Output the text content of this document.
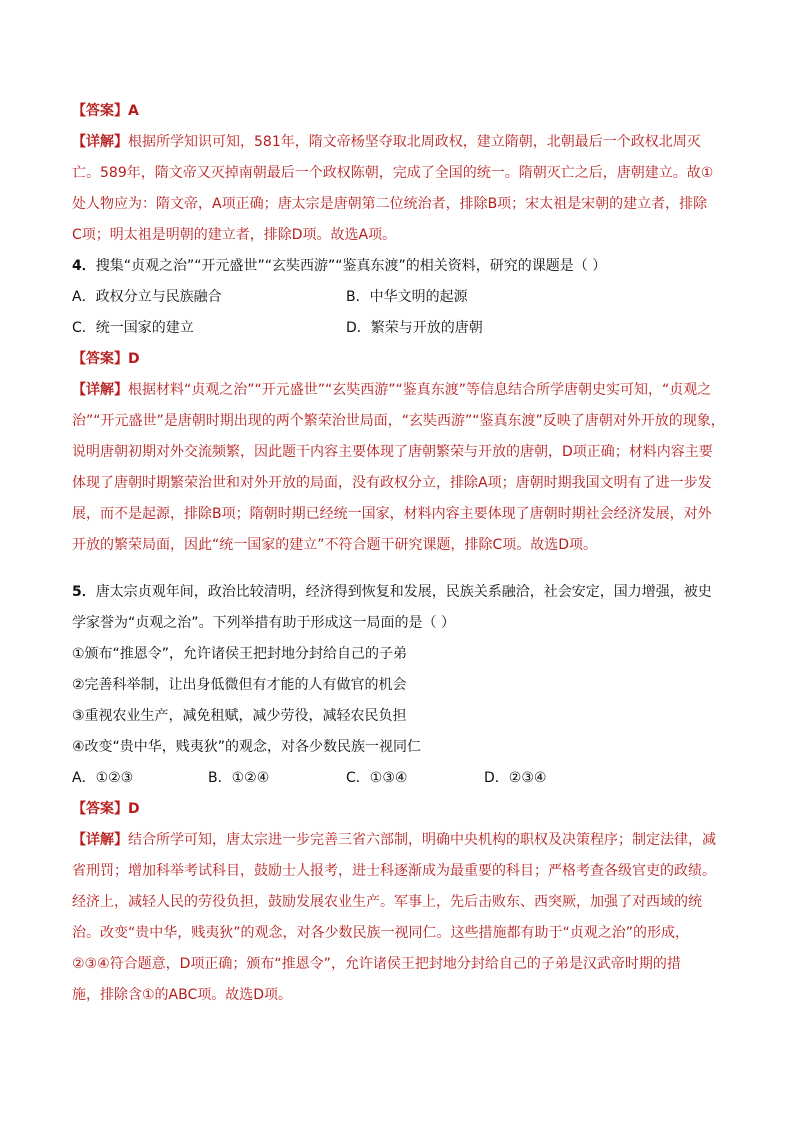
【答案】A
【详解】根据所学知识可知，581年，隋文帝杨坚夺取北周政权，建立隋朝，北朝最后一个政权北周灭
亡。589年，隋文帝又灭掉南朝最后一个政权陈朝，完成了全国的统一。隋朝灭亡之后，唐朝建立。故①
处人物应为：隋文帝，A项正确；唐太宗是唐朝第二位统治者，排除B项；宋太祖是宋朝的建立者，排除
C项；明太祖是明朝的建立者，排除D项。故选A项。
4．搜集“贞观之治”“开元盛世”“玄奘西游”“鉴真东渡”的相关资料，研究的课题是（ ）
A．政权分立与民族融合	B．中华文明的起源
C．统一国家的建立	D．繁荣与开放的唐朝
【答案】D
【详解】根据材料“贞观之治”“开元盛世”“玄奘西游”“鉴真东渡”等信息结合所学唐朝史实可知，“贞观之
治”“开元盛世”是唐朝时期出现的两个繁荣治世局面，“玄奘西游”“鉴真东渡”反映了唐朝对外开放的现象，
说明唐朝初期对外交流频繁，因此题干内容主要体现了唐朝繁荣与开放的唐朝，D项正确；材料内容主要
体现了唐朝时期繁荣治世和对外开放的局面，没有政权分立，排除A项；唐朝时期我国文明有了进一步发
展，而不是起源，排除B项；隋朝时期已经统一国家，材料内容主要体现了唐朝时期社会经济发展，对外
开放的繁荣局面，因此“统一国家的建立”不符合题干研究课题，排除C项。故选D项。
5．唐太宗贞观年间，政治比较清明，经济得到恢复和发展，民族关系融洽，社会安定，国力增强，被史
学家誉为“贞观之治”。下列举措有助于形成这一局面的是（ ）
①颁布“推恩令”，允许诸侯王把封地分封给自己的子弟
②完善科举制，让出身低微但有才能的人有做官的机会
③重视农业生产，减免租赋，减少劳役，减轻农民负担
④改变“贵中华，贱夷狄”的观念，对各少数民族一视同仁
A．①②③	B．①②④	C．①③④	D．②③④
【答案】D
【详解】结合所学可知，唐太宗进一步完善三省六部制，明确中央机构的职权及决策程序；制定法律，减
省刑罚；增加科举考试科目，鼓励士人报考，进士科逐渐成为最重要的科目；严格考查各级官吏的政绩。
经济上，减轻人民的劳役负担，鼓励发展农业生产。军事上，先后击败东、西突厥，加强了对西域的统
治。改变“贵中华，贱夷狄”的观念，对各少数民族一视同仁。这些措施都有助于“贞观之治”的形成，
②③④符合题意，D项正确；颁布“推恩令”，允许诸侯王把封地分封给自己的子弟是汉武帝时期的措
施，排除含①的ABC项。故选D项。
